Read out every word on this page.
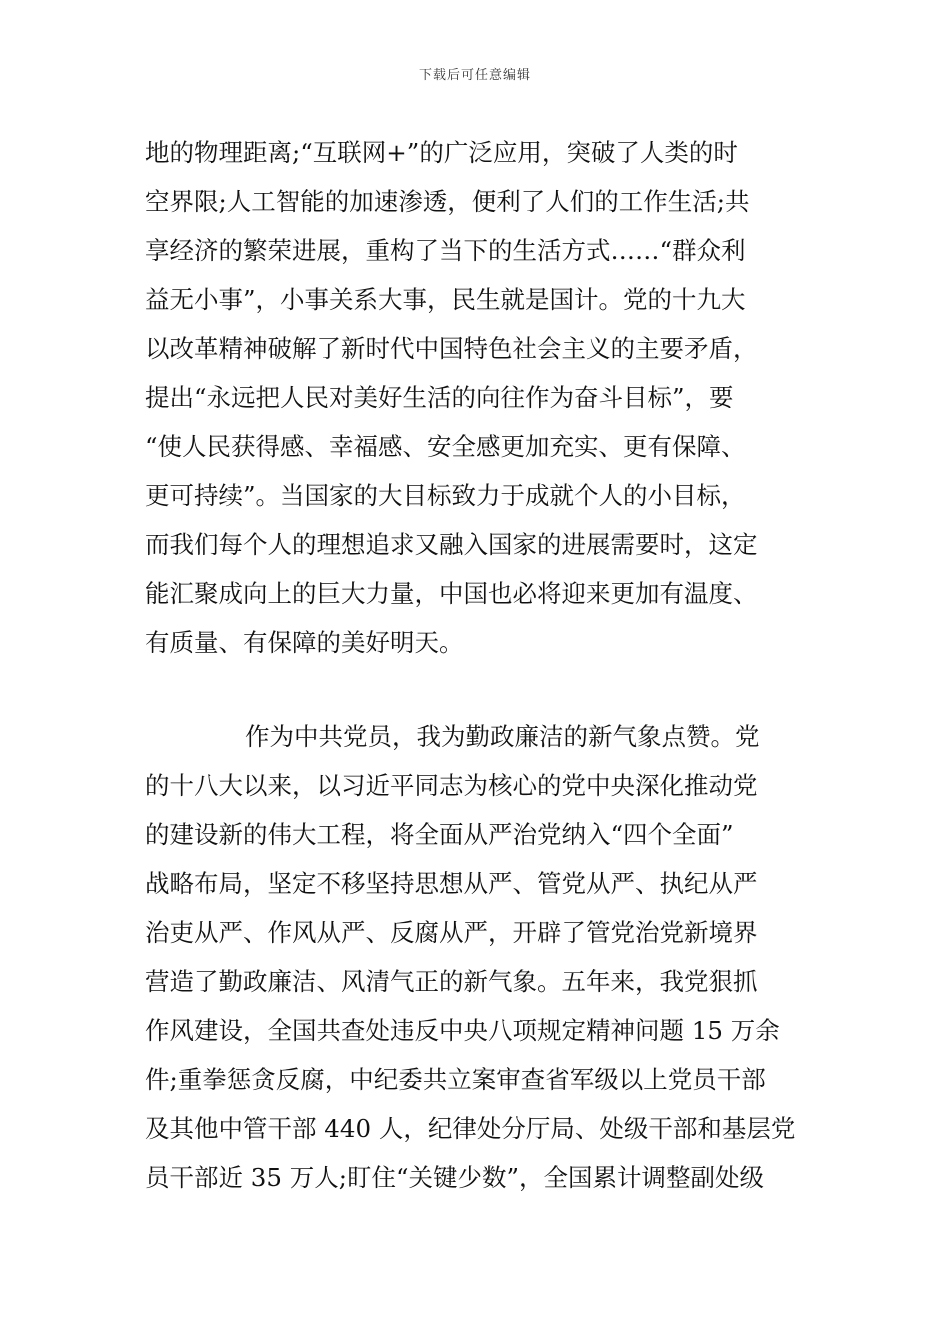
下载后可任意编辑
地的物理距离;“互联网+”的广泛应用，突破了人类的时
空界限;人工智能的加速渗透，便利了人们的工作生活;共
享经济的繁荣进展，重构了当下的生活方式……“群众利
益无小事”，小事关系大事，民生就是国计。党的十九大
以改革精神破解了新时代中国特色社会主义的主要矛盾，
提出“永远把人民对美好生活的向往作为奋斗目标”，要
“使人民获得感、幸福感、安全感更加充实、更有保障、
更可持续”。当国家的大目标致力于成就个人的小目标，
而我们每个人的理想追求又融入国家的进展需要时，这定
能汇聚成向上的巨大力量，中国也必将迎来更加有温度、
有质量、有保障的美好明天。
作为中共党员，我为勤政廉洁的新气象点赞。党
的十八大以来，以习近平同志为核心的党中央深化推动党
的建设新的伟大工程，将全面从严治党纳入“四个全面”
战略布局，坚定不移坚持思想从严、管党从严、执纪从严
治吏从严、作风从严、反腐从严，开辟了管党治党新境界
营造了勤政廉洁、风清气正的新气象。五年来，我党狠抓
作风建设，全国共查处违反中央八项规定精神问题 15 万余
件;重拳惩贪反腐，中纪委共立案审查省军级以上党员干部
及其他中管干部 440 人，纪律处分厅局、处级干部和基层党
员干部近 35 万人;盯住“关键少数”，全国累计调整副处级
